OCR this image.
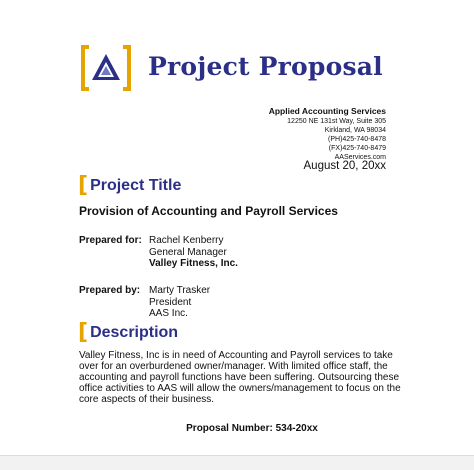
Project Proposal
Applied Accounting Services
12250 NE 131st Way, Suite 305
Kirkland, WA 98034
(PH)425-740-8478
(FX)425-740-8479
AAServices.com
August 20, 20xx
[ Project Title
Provision of Accounting and Payroll Services
Prepared for: Rachel Kenberry
General Manager
Valley Fitness, Inc.
Prepared by: Marty Trasker
President
AAS Inc.
[ Description
Valley Fitness, Inc is in need of Accounting and Payroll services to take
over for an overburdened owner/manager. With limited office staff, the
accounting and payroll functions have been suffering. Outsourcing these
office activities to AAS will allow the owners/management to focus on the
core aspects of their business.
Proposal Number: 534-20xx
